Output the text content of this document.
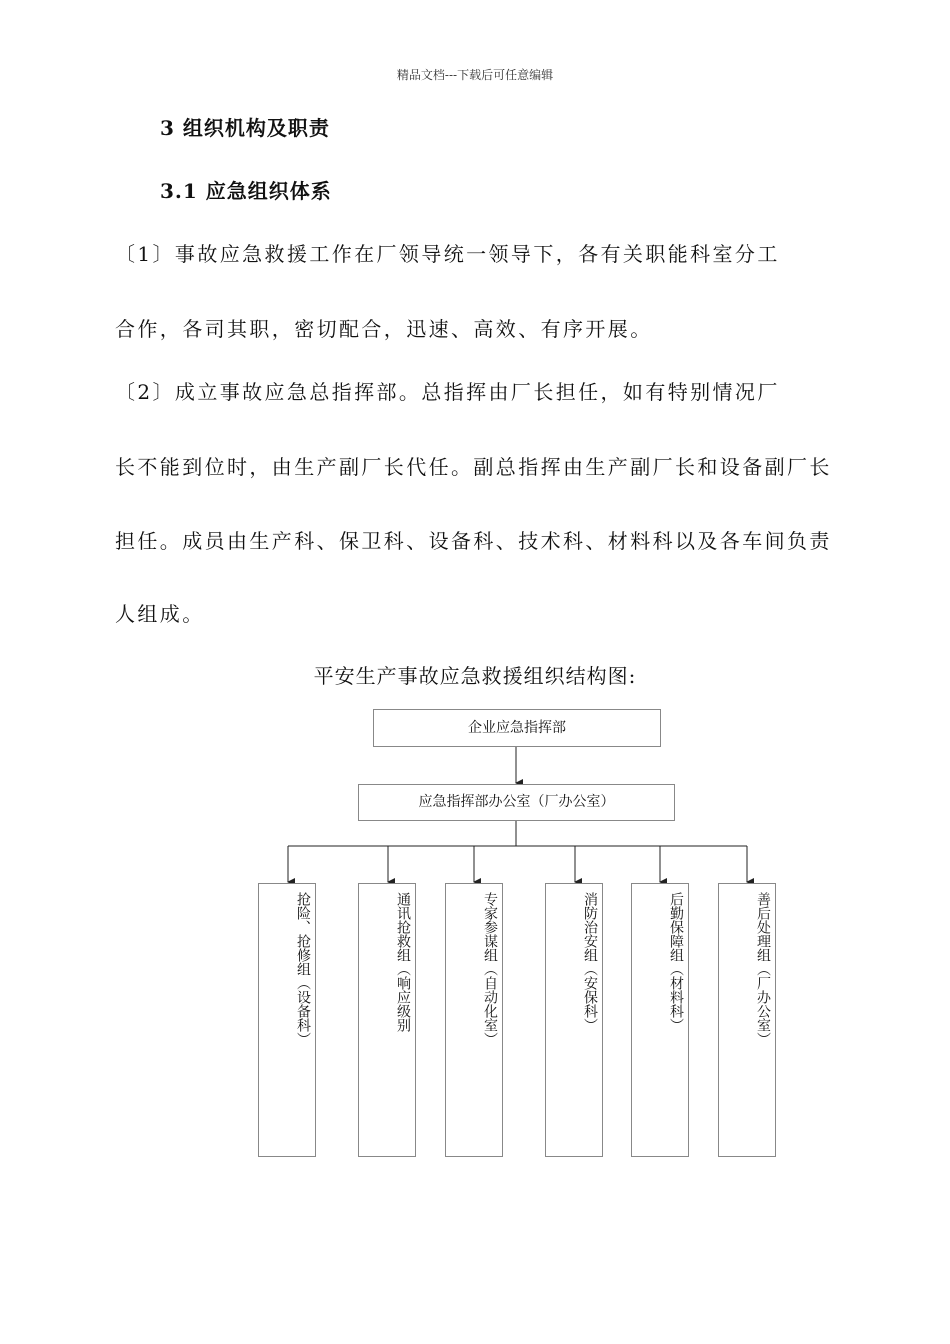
精品文档---下载后可任意编辑
3 组织机构及职责
3.1 应急组织体系
〔1〕事故应急救援工作在厂领导统一领导下，各有关职能科室分工
合作，各司其职，密切配合，迅速、高效、有序开展。
〔2〕成立事故应急总指挥部。总指挥由厂长担任，如有特别情况厂
长不能到位时，由生产副厂长代任。副总指挥由生产副厂长和设备副厂长
担任。成员由生产科、保卫科、设备科、技术科、材料科以及各车间负责
人组成。
平安生产事故应急救援组织结构图:
企业应急指挥部
应急指挥部办公室（厂办公室）
抢险、抢修组（设备科）	通讯抢救组（响应级别	专家参谋组（自动化室）	消防治安组（安保科）	后勤保障组（材料科）	善后处理组（厂办公室）
